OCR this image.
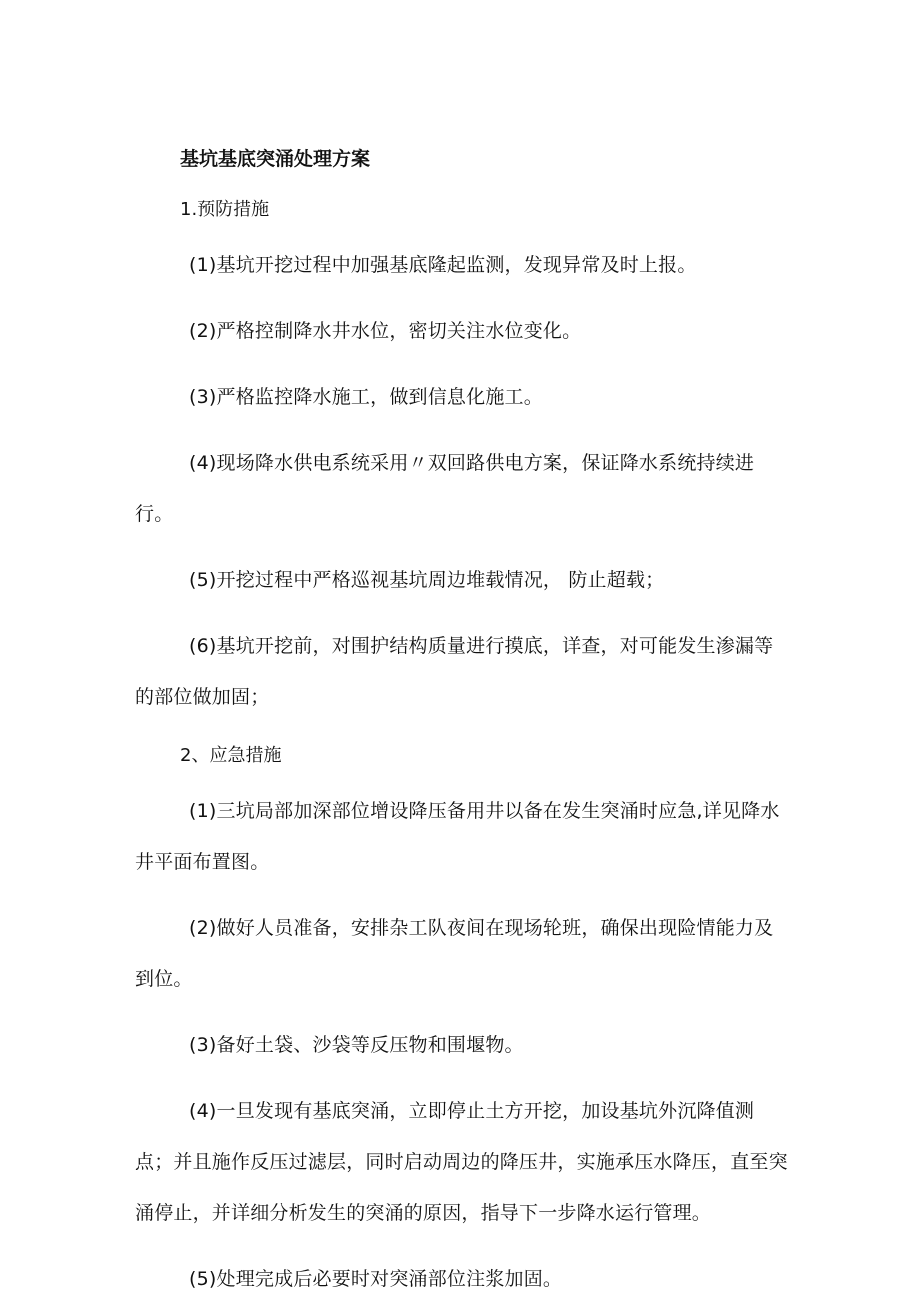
基坑基底突涌处理方案
1.预防措施

(1)基坑开挖过程中加强基底隆起监测，发现异常及时上报。

(2)严格控制降水井水位，密切关注水位变化。

(3)严格监控降水施工，做到信息化施工。

(4)现场降水供电系统采用〃双回路供电方案，保证降水系统持续进行。

(5)开挖过程中严格巡视基坑周边堆载情况， 防止超载；

(6)基坑开挖前，对围护结构质量进行摸底，详查，对可能发生渗漏等的部位做加固；

2、应急措施

(1)三坑局部加深部位增设降压备用井以备在发生突涌时应急,详见降水井平面布置图。

(2)做好人员准备，安排杂工队夜间在现场轮班，确保出现险情能力及到位。

(3)备好土袋、沙袋等反压物和围堰物。

(4)一旦发现有基底突涌，立即停止土方开挖，加设基坑外沉降值测点；并且施作反压过滤层，同时启动周边的降压井，实施承压水降压，直至突涌停止，并详细分析发生的突涌的原因，指导下一步降水运行管理。

(5)处理完成后必要时对突涌部位注浆加固。
